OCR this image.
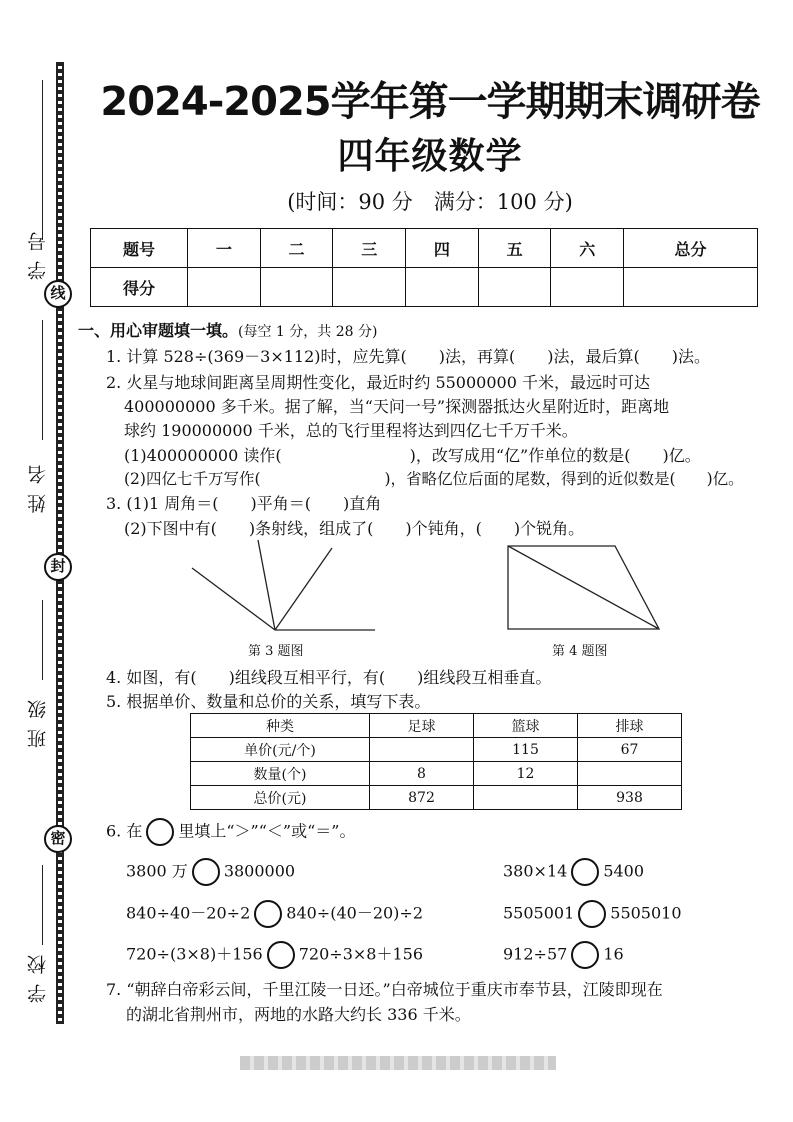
学号
线
姓名
封
班级
密
学校
2024-2025学年第一学期期末调研卷
四年级数学
(时间：90 分　满分：100 分)
题号	一	二	三	四	五	六	总分
得分							
一、用心审题填一填。(每空 1 分，共 28 分)
1. 计算 528÷(369－3×112)时，应先算(　　)法，再算(　　)法，最后算(　　)法。
2. 火星与地球间距离呈周期性变化，最近时约 55000000 千米，最远时可达
400000000 多千米。据了解，当“天问一号”探测器抵达火星附近时，距离地
球约 190000000 千米，总的飞行里程将达到四亿七千万千米。
(1)400000000 读作(　　　　　　　　)，改写成用“亿”作单位的数是(　　)亿。
(2)四亿七千万写作(　　　　　　　　)，省略亿位后面的尾数，得到的近似数是(　　)亿。
3. (1)1 周角＝(　　)平角＝(　　)直角
(2)下图中有(　　)条射线，组成了(　　)个钝角，(　　)个锐角。
第 3 题图	第 4 题图
4. 如图，有(　　)组线段互相平行，有(　　)组线段互相垂直。
5. 根据单价、数量和总价的关系，填写下表。
种类	足球	篮球	排球
单价(元/个)		115	67
数量(个)	8	12	
总价(元)	872		938
6. 在 里填上“＞”“＜”或“＝”。
3800 万 3800000	380×14 5400
840÷40－20÷2 840÷(40－20)÷2	5505001 5505010
720÷(3×8)＋156 720÷3×8＋156	912÷57 16
7. “朝辞白帝彩云间，千里江陵一日还。”白帝城位于重庆市奉节县，江陵即现在
的湖北省荆州市，两地的水路大约长 336 千米。
